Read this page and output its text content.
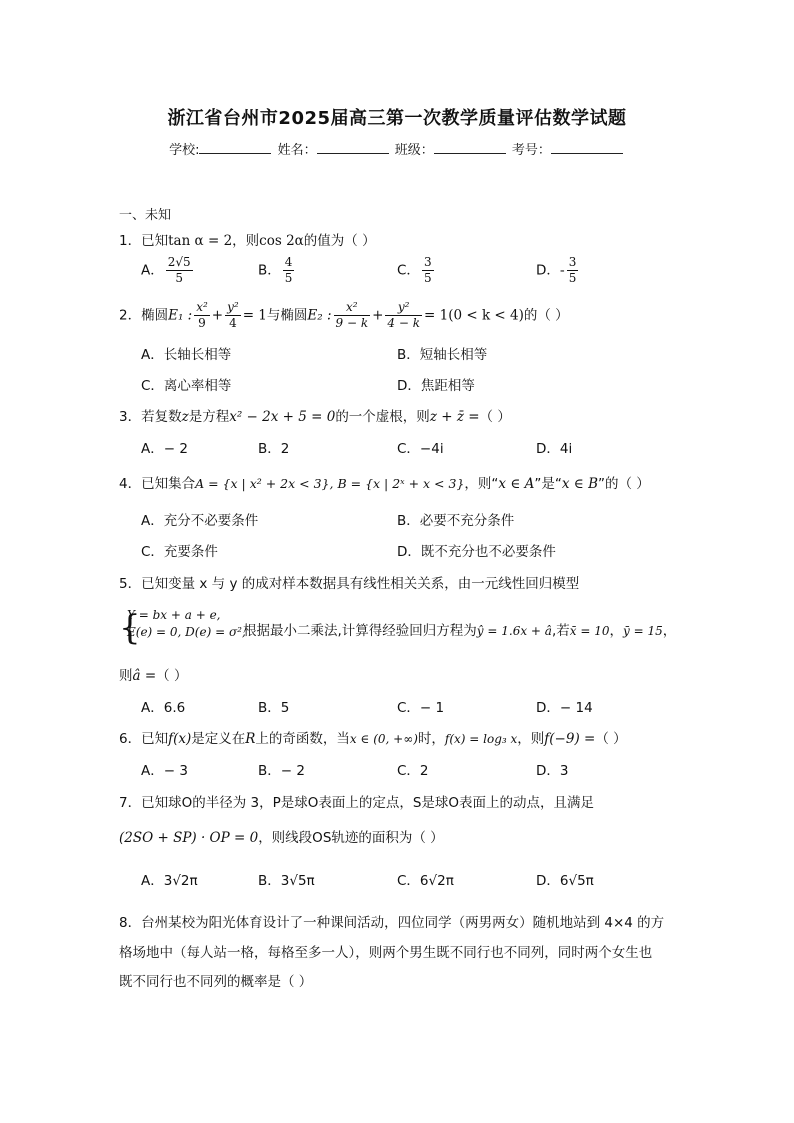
浙江省台州市2025届高三第一次教学质量评估数学试题
学校:	姓名：	班级：	考号：
一、未知
1．已知tan α = 2，则cos 2α的值为（ ）
A． $\frac{2√5}{5}$	B． $\frac{4}{5}$	C． $\frac{3}{5}$	D．- $\frac{3}{5}$
2．椭圆E₁ : $\frac{\text{x²}}{9} + \frac{\text{y²}}{4} = 1$与椭圆E₂ : $\frac{\text{x²}}{9 - k} + \frac{\text{y²}}{4 - k} = 1(0 < k < 4)$的（ ）
A．长轴长相等	B．短轴长相等
C．离心率相等	D．焦距相等
3．若复数z是方程x² − 2x + 5 = 0的一个虚根，则z + z̄ =（ ）
A．− 2	B．2	C．−4i	D．4i
4．已知集合A = {x | x² + 2x < 3}, B = {x | 2ˣ + x < 3}，则“x ∈ A”是“x ∈ B”的（ ）
A．充分不必要条件	B．必要不充分条件
C．充要条件	D．既不充分也不必要条件
5．已知变量 x 与 y 的成对样本数据具有线性相关关系，由一元线性回归模型
{
Y = bx + a + e,
E(e) = 0, D(e) = σ²,
根据最小二乘法,计算得经验回归方程为ŷ = 1.6x + â,若x̄ = 10，ȳ = 15，
则â =（ ）
A．6.6	B．5	C．− 1	D．− 14
6．已知f(x)是定义在R上的奇函数，当x ∈ (0, +∞)时，f(x) = log₃ x，则f(−9) =（ ）
A．− 3	B．− 2	C．2	D．3
7．已知球O的半径为 3，P是球O表面上的定点，S是球O表面上的动点，且满足
(2SO + SP) · OP = 0，则线段OS轨迹的面积为（ ）
A．3√2π	B．3√5π	C．6√2π	D．6√5π
8．台州某校为阳光体育设计了一种课间活动，四位同学（两男两女）随机地站到 4×4 的方
格场地中（每人站一格，每格至多一人），则两个男生既不同行也不同列，同时两个女生也
既不同行也不同列的概率是（ ）
